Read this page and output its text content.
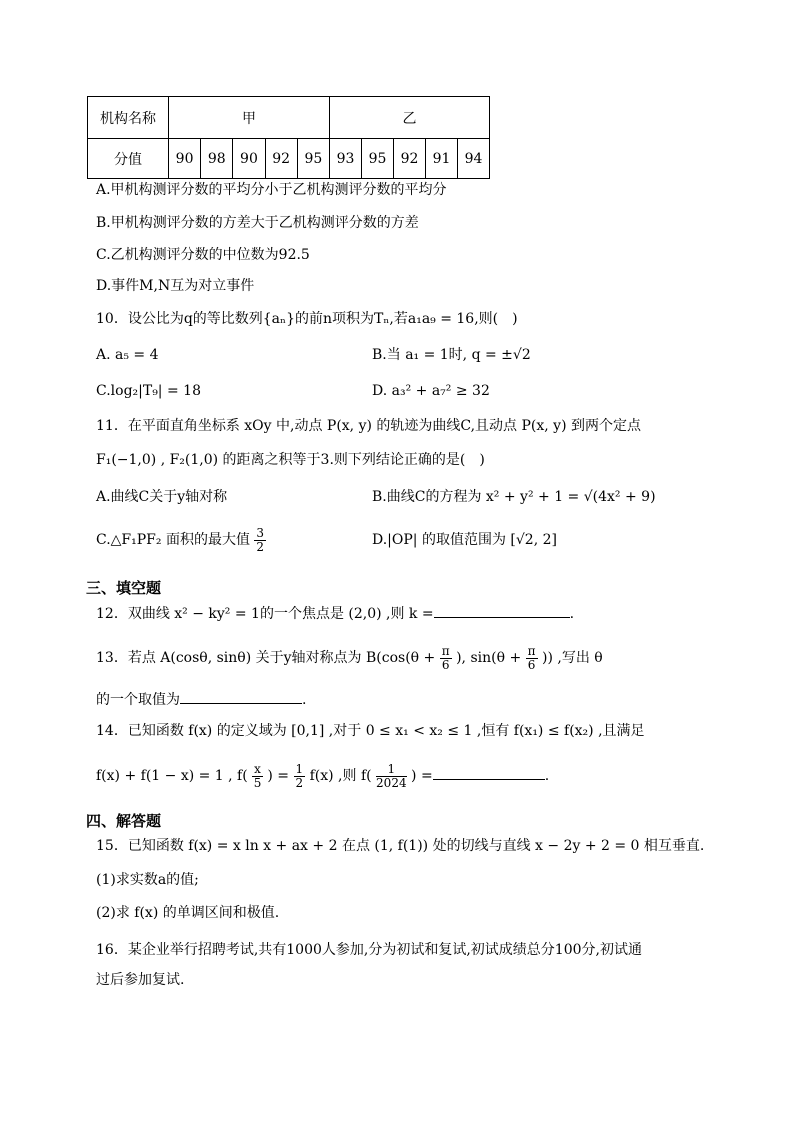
机构名称	甲					乙				
分值	90	98	90	92	95	93	95	92	91	94
A.甲机构测评分数的平均分小于乙机构测评分数的平均分
B.甲机构测评分数的方差大于乙机构测评分数的方差
C.乙机构测评分数的中位数为92.5
D.事件M,N互为对立事件
10．设公比为q的等比数列{aₙ}的前n项积为Tₙ,若a₁a₉ = 16,则(　)
A. a₅ = 4	B.当 a₁ = 1时, q = ±√2
C.log₂|T₉| = 18	D. a₃² + a₇² ≥ 32
11．在平面直角坐标系 xOy 中,动点 P(x, y) 的轨迹为曲线C,且动点 P(x, y) 到两个定点
F₁(−1,0) , F₂(1,0) 的距离之积等于3.则下列结论正确的是(　)
A.曲线C关于y轴对称	B.曲线C的方程为 x² + y² + 1 = √(4x² + 9)
C.△F₁PF₂ 面积的最大值 $\frac{3}{2}$	D.|OP| 的取值范围为 [√2, 2]
三、填空题
12．双曲线 x² − ky² = 1的一个焦点是 (2,0) ,则 k =	.
13．若点 A(cosθ, sinθ) 关于y轴对称点为 $B(\cos(\theta + \frac{\pi}{6}$ ), $\sin(\theta + \frac{\pi}{6}$ )) ,写出 θ
的一个取值为	.
14．已知函数 f(x) 的定义域为 [0,1] ,对于 0 ≤ x₁ < x₂ ≤ 1 ,恒有 f(x₁) ≤ f(x₂) ,且满足
f(x) + f(1 − x) = 1 , $f( \frac{x}{5}$ ) = $\frac{1}{2} f(x)$ ,则 $f( \frac{1}{2024}$ ) =	.
四、解答题
15．已知函数 f(x) = x ln x + ax + 2 在点 (1, f(1)) 处的切线与直线 x − 2y + 2 = 0 相互垂直.
(1)求实数a的值;
(2)求 f(x) 的单调区间和极值.
16．某企业举行招聘考试,共有1000人参加,分为初试和复试,初试成绩总分100分,初试通
过后参加复试.
